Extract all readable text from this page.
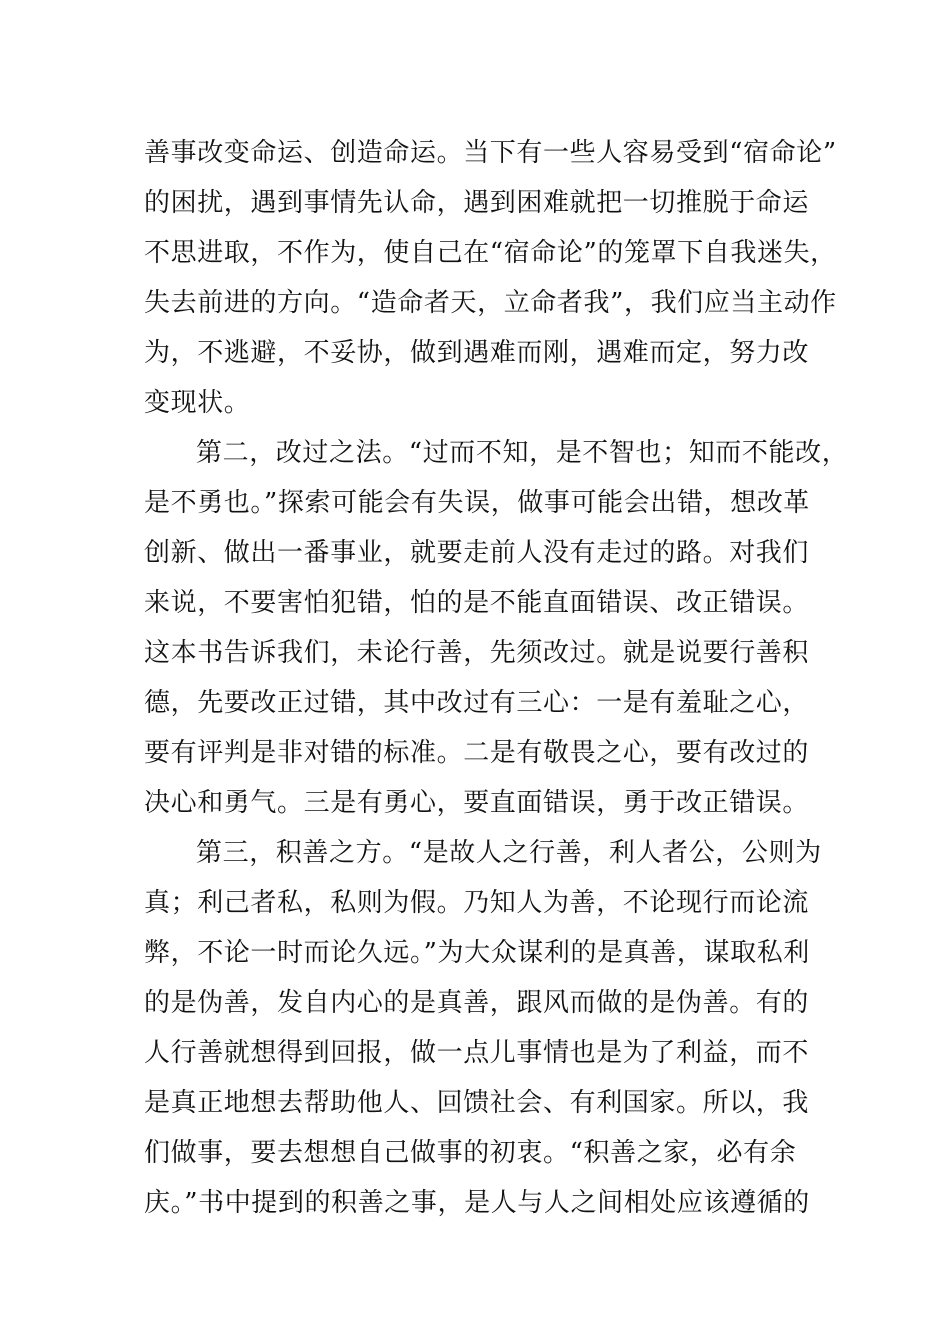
善事改变命运、创造命运。当下有一些人容易受到“宿命论”
的困扰，遇到事情先认命，遇到困难就把一切推脱于命运
不思进取，不作为，使自己在“宿命论”的笼罩下自我迷失，
失去前进的方向。“造命者天，立命者我”，我们应当主动作
为，不逃避，不妥协，做到遇难而刚，遇难而定，努力改
变现状。
第二，改过之法。“过而不知，是不智也；知而不能改，
是不勇也。”探索可能会有失误，做事可能会出错，想改革
创新、做出一番事业，就要走前人没有走过的路。对我们
来说，不要害怕犯错，怕的是不能直面错误、改正错误。
这本书告诉我们，未论行善，先须改过。就是说要行善积
德，先要改正过错，其中改过有三心：一是有羞耻之心，
要有评判是非对错的标准。二是有敬畏之心，要有改过的
决心和勇气。三是有勇心，要直面错误，勇于改正错误。
第三，积善之方。“是故人之行善，利人者公，公则为
真；利己者私，私则为假。乃知人为善，不论现行而论流
弊，不论一时而论久远。”为大众谋利的是真善，谋取私利
的是伪善，发自内心的是真善，跟风而做的是伪善。有的
人行善就想得到回报，做一点儿事情也是为了利益，而不
是真正地想去帮助他人、回馈社会、有利国家。所以，我
们做事，要去想想自己做事的初衷。“积善之家，必有余
庆。”书中提到的积善之事，是人与人之间相处应该遵循的
